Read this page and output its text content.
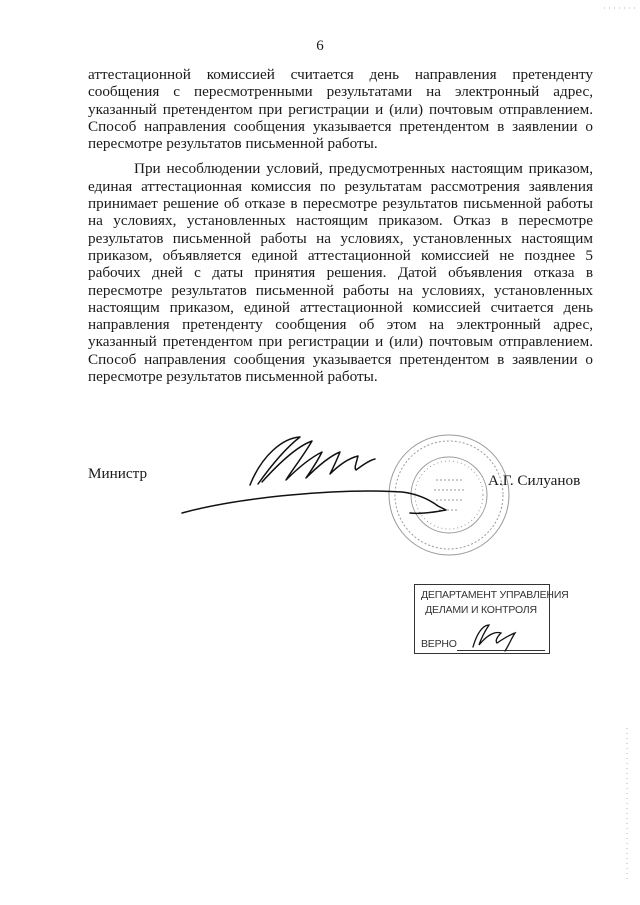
6

аттестационной комиссией считается день направления претенденту сообщения с пересмотренными результатами на электронный адрес, указанный претендентом при регистрации и (или) почтовым отправлением. Способ направления сообщения указывается претендентом в заявлении о пересмотре результатов письменной работы.

При несоблюдении условий, предусмотренных настоящим приказом, единая аттестационная комиссия по результатам рассмотрения заявления принимает решение об отказе в пересмотре результатов письменной работы на условиях, установленных настоящим приказом. Отказ в пересмотре результатов письменной работы на условиях, установленных настоящим приказом, объявляется единой аттестационной комиссией не позднее 5 рабочих дней с даты принятия решения. Датой объявления отказа в пересмотре результатов письменной работы на условиях, установленных настоящим приказом, единой аттестационной комиссией считается день направления претенденту сообщения об этом на электронный адрес, указанный претендентом при регистрации и (или) почтовым отправлением. Способ направления сообщения указывается претендентом в заявлении о пересмотре результатов письменной работы.

Министр	А.Г. Силуанов
ДЕПАРТАМЕНТ УПРАВЛЕНИЯ
ДЕЛАМИ И КОНТРОЛЯ
ВЕРНО
